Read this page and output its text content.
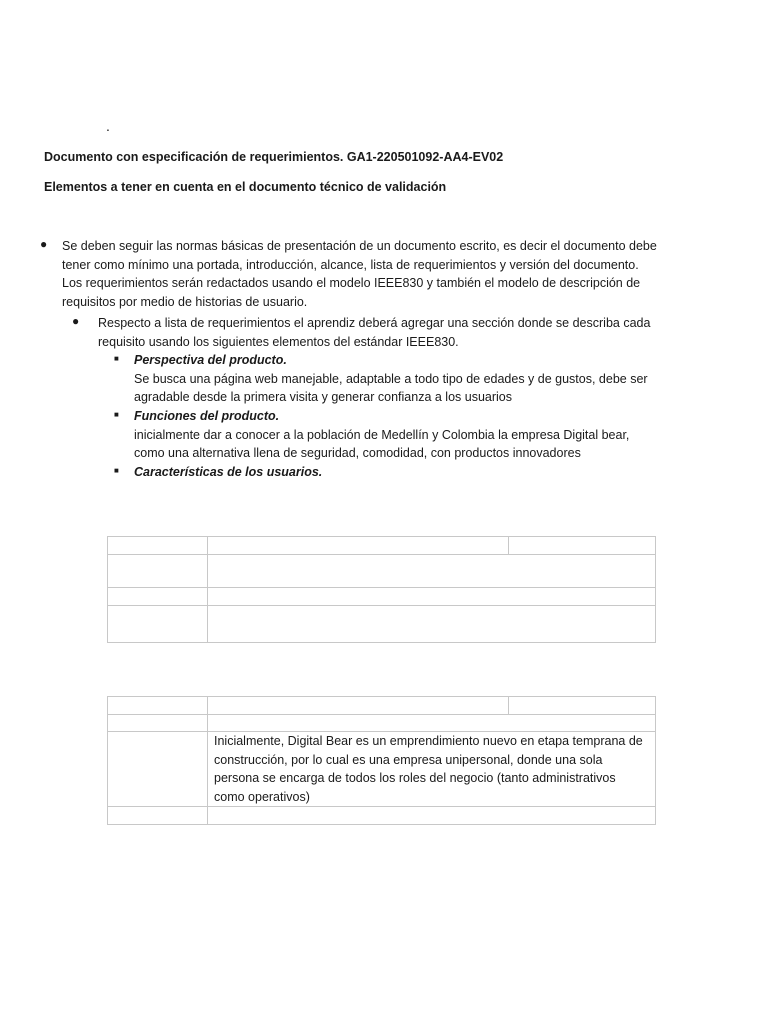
.
Documento con especificación de requerimientos. GA1-220501092-AA4-EV02
Elementos a tener en cuenta en el documento técnico de validación
● Se deben seguir las normas básicas de presentación de un documento escrito, es decir el documento debe tener como mínimo una portada, introducción, alcance, lista de requerimientos y versión del documento. Los requerimientos serán redactados usando el modelo IEEE830 y también el modelo de descripción de requisitos por medio de historias de usuario.
● Respecto a lista de requerimientos el aprendiz deberá agregar una sección donde se describa cada requisito usando los siguientes elementos del estándar IEEE830.
■ Perspectiva del producto.
Se busca una página web manejable, adaptable a todo tipo de edades y de gustos, debe ser agradable desde la primera visita y generar confianza a los usuarios
■ Funciones del producto.
inicialmente dar a conocer a la población de Medellín y Colombia la empresa Digital bear, como una alternativa llena de seguridad, comodidad, con productos innovadores
■ Características de los usuarios.

	Inicialmente, Digital Bear es un emprendimiento nuevo en etapa temprana de construcción, por lo cual es una empresa unipersonal, donde una sola persona se encarga de todos los roles del negocio (tanto administrativos como operativos)	
